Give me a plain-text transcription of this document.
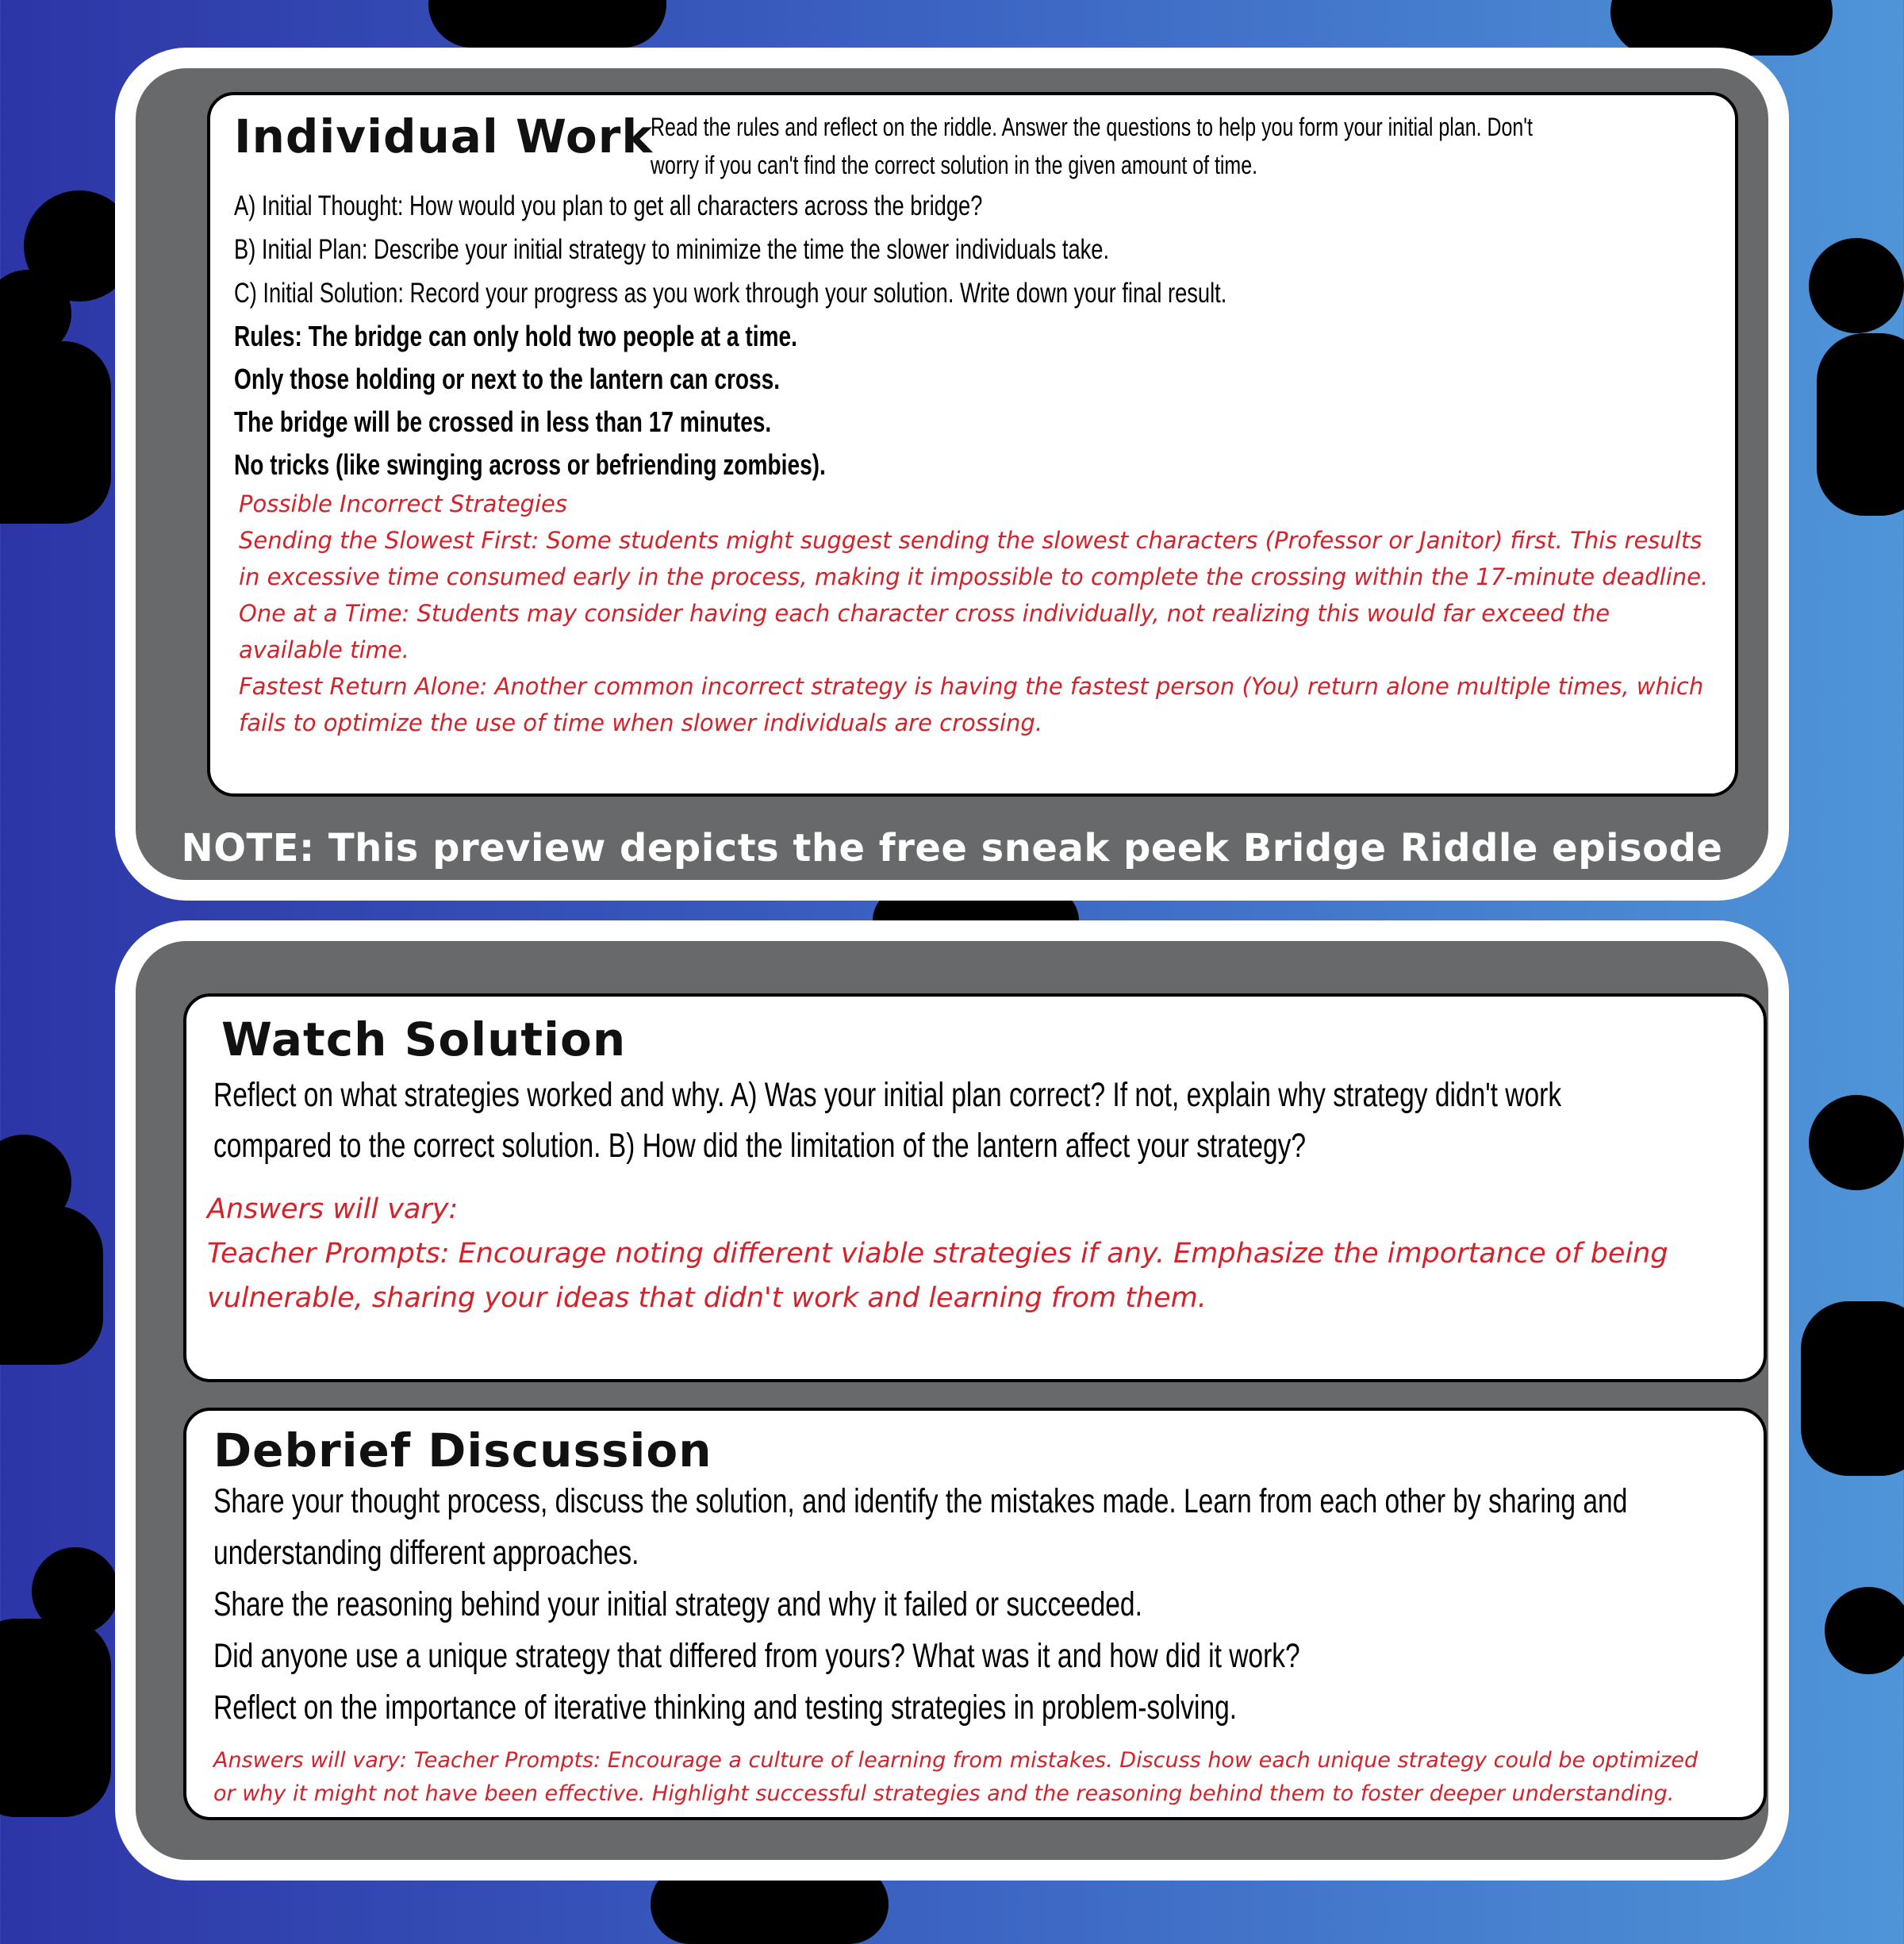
Individual Work
Read the rules and reflect on the riddle. Answer the questions to help you form your initial plan. Don't
worry if you can't find the correct solution in the given amount of time.
A) Initial Thought: How would you plan to get all characters across the bridge?
B) Initial Plan: Describe your initial strategy to minimize the time the slower individuals take.
C) Initial Solution: Record your progress as you work through your solution. Write down your final result.
Rules: The bridge can only hold two people at a time.
Only those holding or next to the lantern can cross.
The bridge will be crossed in less than 17 minutes.
No tricks (like swinging across or befriending zombies).
Possible Incorrect Strategies
Sending the Slowest First: Some students might suggest sending the slowest characters (Professor or Janitor) first. This results
in excessive time consumed early in the process, making it impossible to complete the crossing within the 17-minute deadline.
One at a Time: Students may consider having each character cross individually, not realizing this would far exceed the
available time.
Fastest Return Alone: Another common incorrect strategy is having the fastest person (You) return alone multiple times, which
fails to optimize the use of time when slower individuals are crossing.
NOTE: This preview depicts the free sneak peek Bridge Riddle episode
Watch Solution
Reflect on what strategies worked and why. A) Was your initial plan correct? If not, explain why strategy didn't work
compared to the correct solution. B) How did the limitation of the lantern affect your strategy?
Answers will vary:
Teacher Prompts: Encourage noting different viable strategies if any. Emphasize the importance of being
vulnerable, sharing your ideas that didn't work and learning from them.
Debrief Discussion
Share your thought process, discuss the solution, and identify the mistakes made. Learn from each other by sharing and
understanding different approaches.
Share the reasoning behind your initial strategy and why it failed or succeeded.
Did anyone use a unique strategy that differed from yours? What was it and how did it work?
Reflect on the importance of iterative thinking and testing strategies in problem-solving.
Answers will vary: Teacher Prompts: Encourage a culture of learning from mistakes. Discuss how each unique strategy could be optimized
or why it might not have been effective. Highlight successful strategies and the reasoning behind them to foster deeper understanding.
